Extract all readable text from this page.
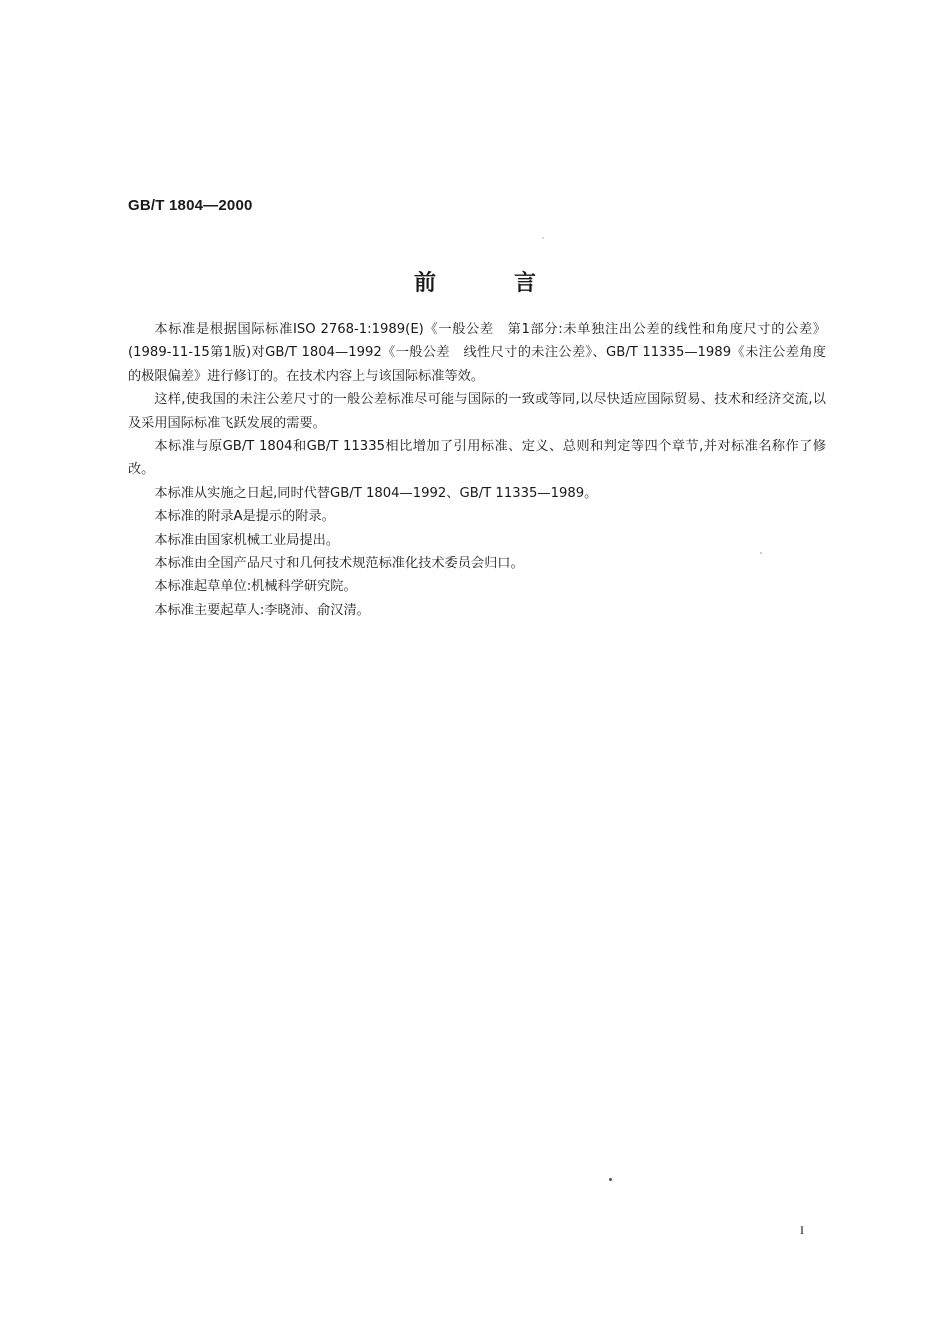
GB/T 1804—2000
前言

本标准是根据国际标准ISO 2768-1:1989(E)《一般公差　第1部分:未单独注出公差的线性和角度尺寸的公差》(1989-11-15第1版)对GB/T 1804—1992《一般公差　线性尺寸的未注公差》、GB/T 11335—1989《未注公差角度的极限偏差》进行修订的。在技术内容上与该国际标准等效。

这样,使我国的未注公差尺寸的一般公差标准尽可能与国际的一致或等同,以尽快适应国际贸易、技术和经济交流,以及采用国际标准飞跃发展的需要。

本标准与原GB/T 1804和GB/T 11335相比增加了引用标准、定义、总则和判定等四个章节,并对标准名称作了修改。

本标准从实施之日起,同时代替GB/T 1804—1992、GB/T 11335—1989。

本标准的附录A是提示的附录。

本标准由国家机械工业局提出。

本标准由全国产品尺寸和几何技术规范标准化技术委员会归口。

本标准起草单位:机械科学研究院。

本标准主要起草人:李晓沛、俞汉清。

I
